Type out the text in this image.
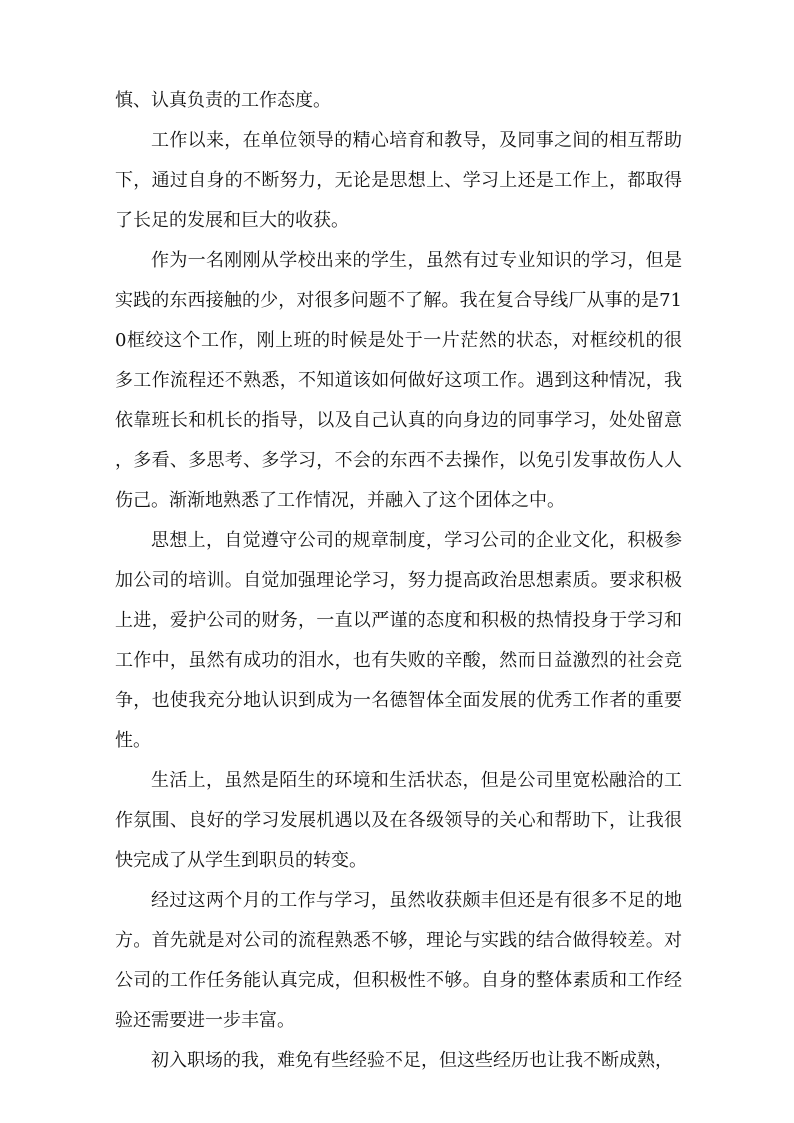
慎、认真负责的工作态度。

工作以来，在单位领导的精心培育和教导，及同事之间的相互帮助下，通过自身的不断努力，无论是思想上、学习上还是工作上，都取得了长足的发展和巨大的收获。

作为一名刚刚从学校出来的学生，虽然有过专业知识的学习，但是实践的东西接触的少，对很多问题不了解。我在复合导线厂从事的是710框绞这个工作，刚上班的时候是处于一片茫然的状态，对框绞机的很多工作流程还不熟悉，不知道该如何做好这项工作。遇到这种情况，我依靠班长和机长的指导，以及自己认真的向身边的同事学习，处处留意，多看、多思考、多学习，不会的东西不去操作，以免引发事故伤人人伤己。渐渐地熟悉了工作情况，并融入了这个团体之中。

思想上，自觉遵守公司的规章制度，学习公司的企业文化，积极参加公司的培训。自觉加强理论学习，努力提高政治思想素质。要求积极上进，爱护公司的财务，一直以严谨的态度和积极的热情投身于学习和工作中，虽然有成功的泪水，也有失败的辛酸，然而日益激烈的社会竞争，也使我充分地认识到成为一名德智体全面发展的优秀工作者的重要性。

生活上，虽然是陌生的环境和生活状态，但是公司里宽松融洽的工作氛围、良好的学习发展机遇以及在各级领导的关心和帮助下，让我很快完成了从学生到职员的转变。

经过这两个月的工作与学习，虽然收获颇丰但还是有很多不足的地方。首先就是对公司的流程熟悉不够，理论与实践的结合做得较差。对公司的工作任务能认真完成，但积极性不够。自身的整体素质和工作经验还需要进一步丰富。

初入职场的我，难免有些经验不足，但这些经历也让我不断成熟，
